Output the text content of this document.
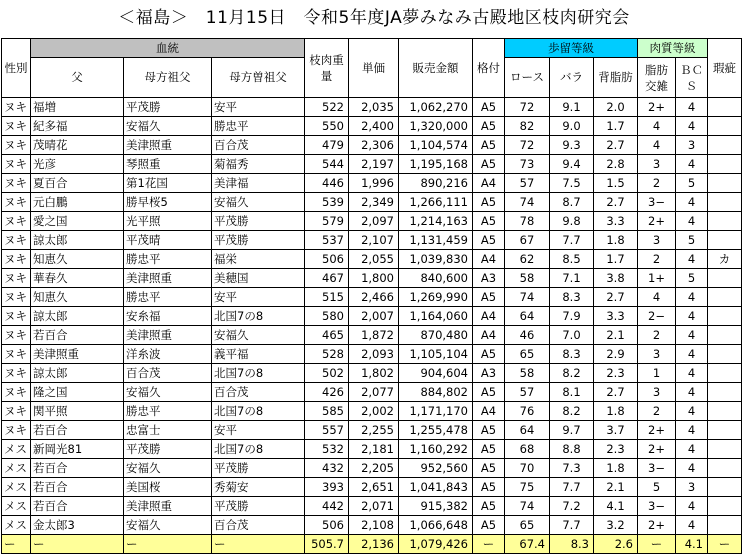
＜福島＞　11月15日　令和5年度JA夢みなみ古殿地区枝肉研究会
性別	血統			枝肉重量	単価	販売金額	格付	歩留等級			肉質等級		瑕疵
	父	母方祖父	母方曽祖父					ロース	バラ	背脂肪	脂肪交雑	ＢＣＳ	
ヌキ	福増	平茂勝	安平	522	2,035	1,062,270	A5	72	9.1	2.0	2+	4	
ヌキ	紀多福	安福久	勝忠平	550	2,400	1,320,000	A5	82	9.0	1.7	4	4	
ヌキ	茂晴花	美津照重	百合茂	479	2,306	1,104,574	A5	72	9.3	2.7	4	3	
ヌキ	光彦	琴照重	菊福秀	544	2,197	1,195,168	A5	73	9.4	2.8	3	4	
ヌキ	夏百合	第1花国	美津福	446	1,996	890,216	A4	57	7.5	1.5	2	5	
ヌキ	元白鵬	勝早桜5	安福久	539	2,349	1,266,111	A5	74	8.7	2.7	3−	4	
ヌキ	愛之国	光平照	平茂勝	579	2,097	1,214,163	A5	78	9.8	3.3	2+	4	
ヌキ	諒太郎	平茂晴	平茂勝	537	2,107	1,131,459	A5	67	7.7	1.8	3	5	
ヌキ	知恵久	勝忠平	福栄	506	2,055	1,039,830	A4	62	8.5	1.7	2	4	カ
ヌキ	華春久	美津照重	美穂国	467	1,800	840,600	A3	58	7.1	3.8	1+	5	
ヌキ	知恵久	勝忠平	安平	515	2,466	1,269,990	A5	74	8.3	2.7	4	4	
ヌキ	諒太郎	安糸福	北国7の8	580	2,007	1,164,060	A4	64	7.9	3.3	2−	4	
ヌキ	若百合	美津照重	安福久	465	1,872	870,480	A4	46	7.0	2.1	2	4	
ヌキ	美津照重	洋糸波	義平福	528	2,093	1,105,104	A5	65	8.3	2.9	3	4	
ヌキ	諒太郎	百合茂	北国7の8	502	1,802	904,604	A3	58	8.2	2.3	1	4	
ヌキ	隆之国	安福久	百合茂	426	2,077	884,802	A5	57	8.1	2.7	3	4	
ヌキ	関平照	勝忠平	北国7の8	585	2,002	1,171,170	A4	76	8.2	1.8	2	4	
ヌキ	若百合	忠富士	安平	557	2,255	1,255,478	A5	64	9.7	3.7	2+	4	
メス	新岡光81	平茂勝	北国7の8	532	2,181	1,160,292	A5	68	8.8	2.3	2+	4	
メス	若百合	安福久	平茂勝	432	2,205	952,560	A5	70	7.3	1.8	3−	4	
メス	若百合	美国桜	秀菊安	393	2,651	1,041,843	A5	75	7.7	2.1	5	3	
メス	若百合	美津照重	平茂勝	442	2,071	915,382	A5	74	7.2	4.1	3−	4	
メス	金太郎3	安福久	百合茂	506	2,108	1,066,648	A5	65	7.7	3.2	2+	4	
ー	ー	ー	ー	505.7	2,136	1,079,426	ー	67.4	8.3	2.6	ー	4.1	ー
